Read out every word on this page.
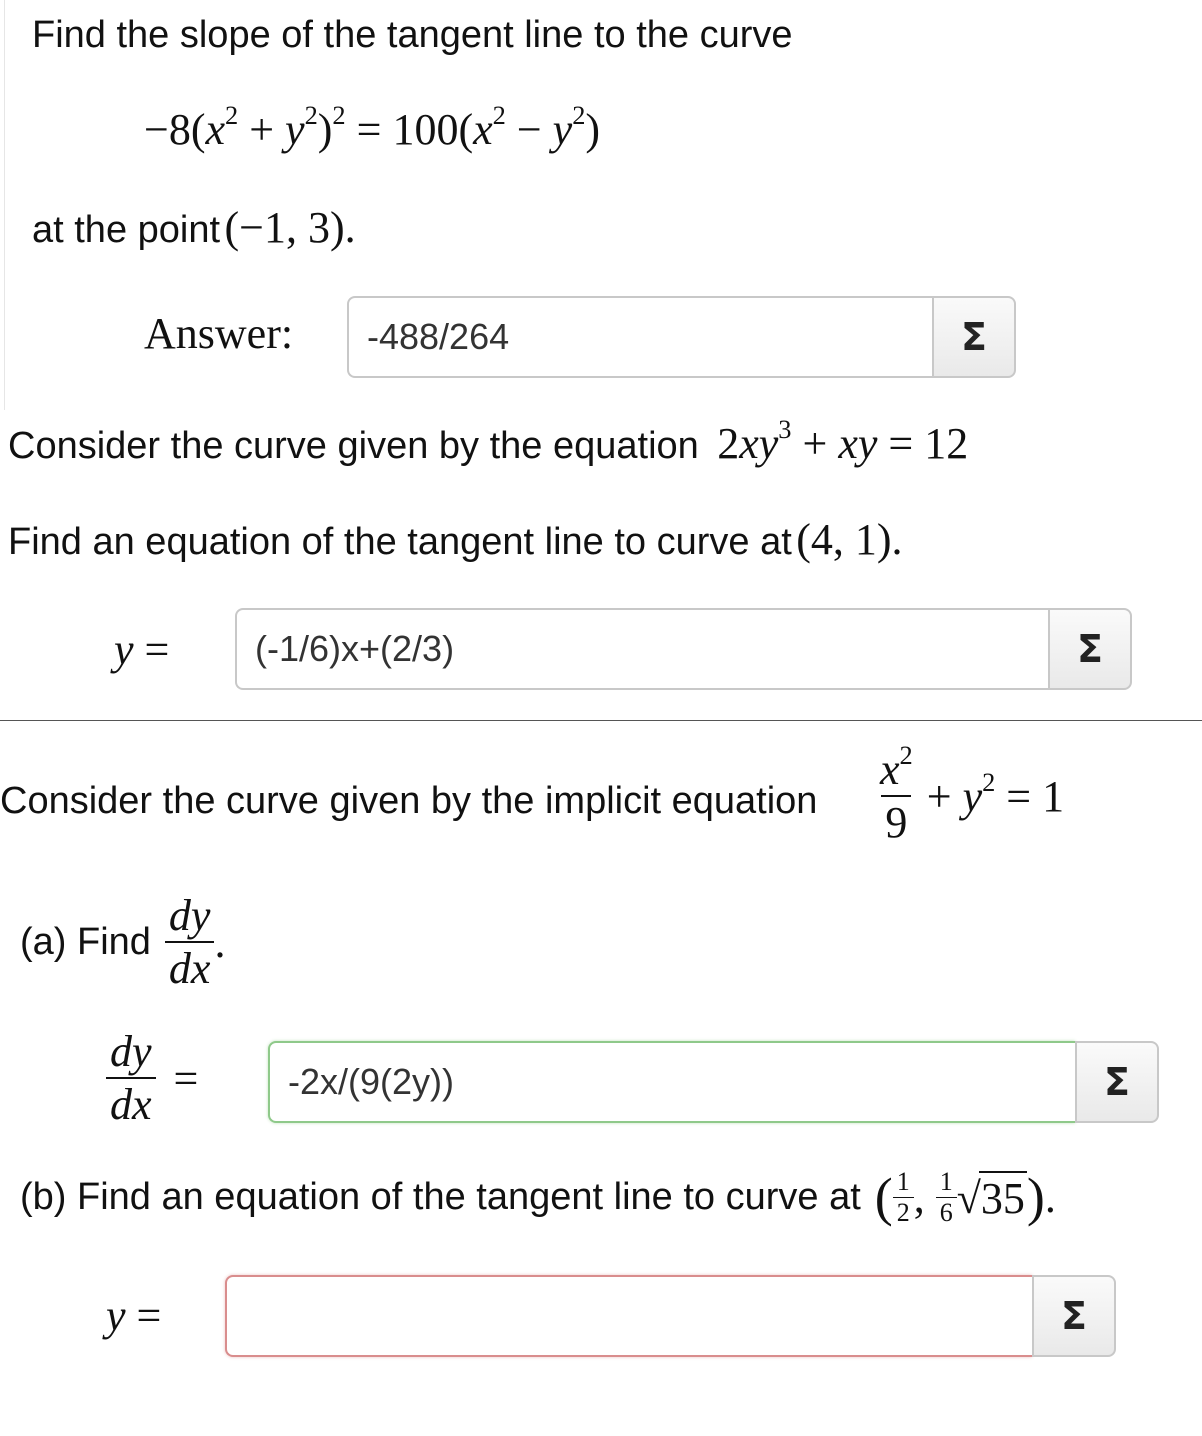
Find the slope of the tangent line to the curve
$-8(x^2 + y^2)^2 = 100(x^2 - y^2)$
at the point (−1, 3).
Answer:
-488/264	Σ
Consider the curve given by the equation $2xy^3$ + xy = 12
Find an equation of the tangent line to curve at (4, 1).
y =
(-1/6)x+(2/3)	Σ
Consider the curve given by the implicit equation $\frac{x^2}{9} + y^2 = 1$
(a) Find $\frac{dy}{dx}$ .
$\frac{dy}{dx}$ =
-2x/(9(2y))	Σ
(b) Find an equation of the tangent line to curve at ( $\frac{1}{2}$ , $\frac{1}{6} √35$ ) .
y =	Σ
